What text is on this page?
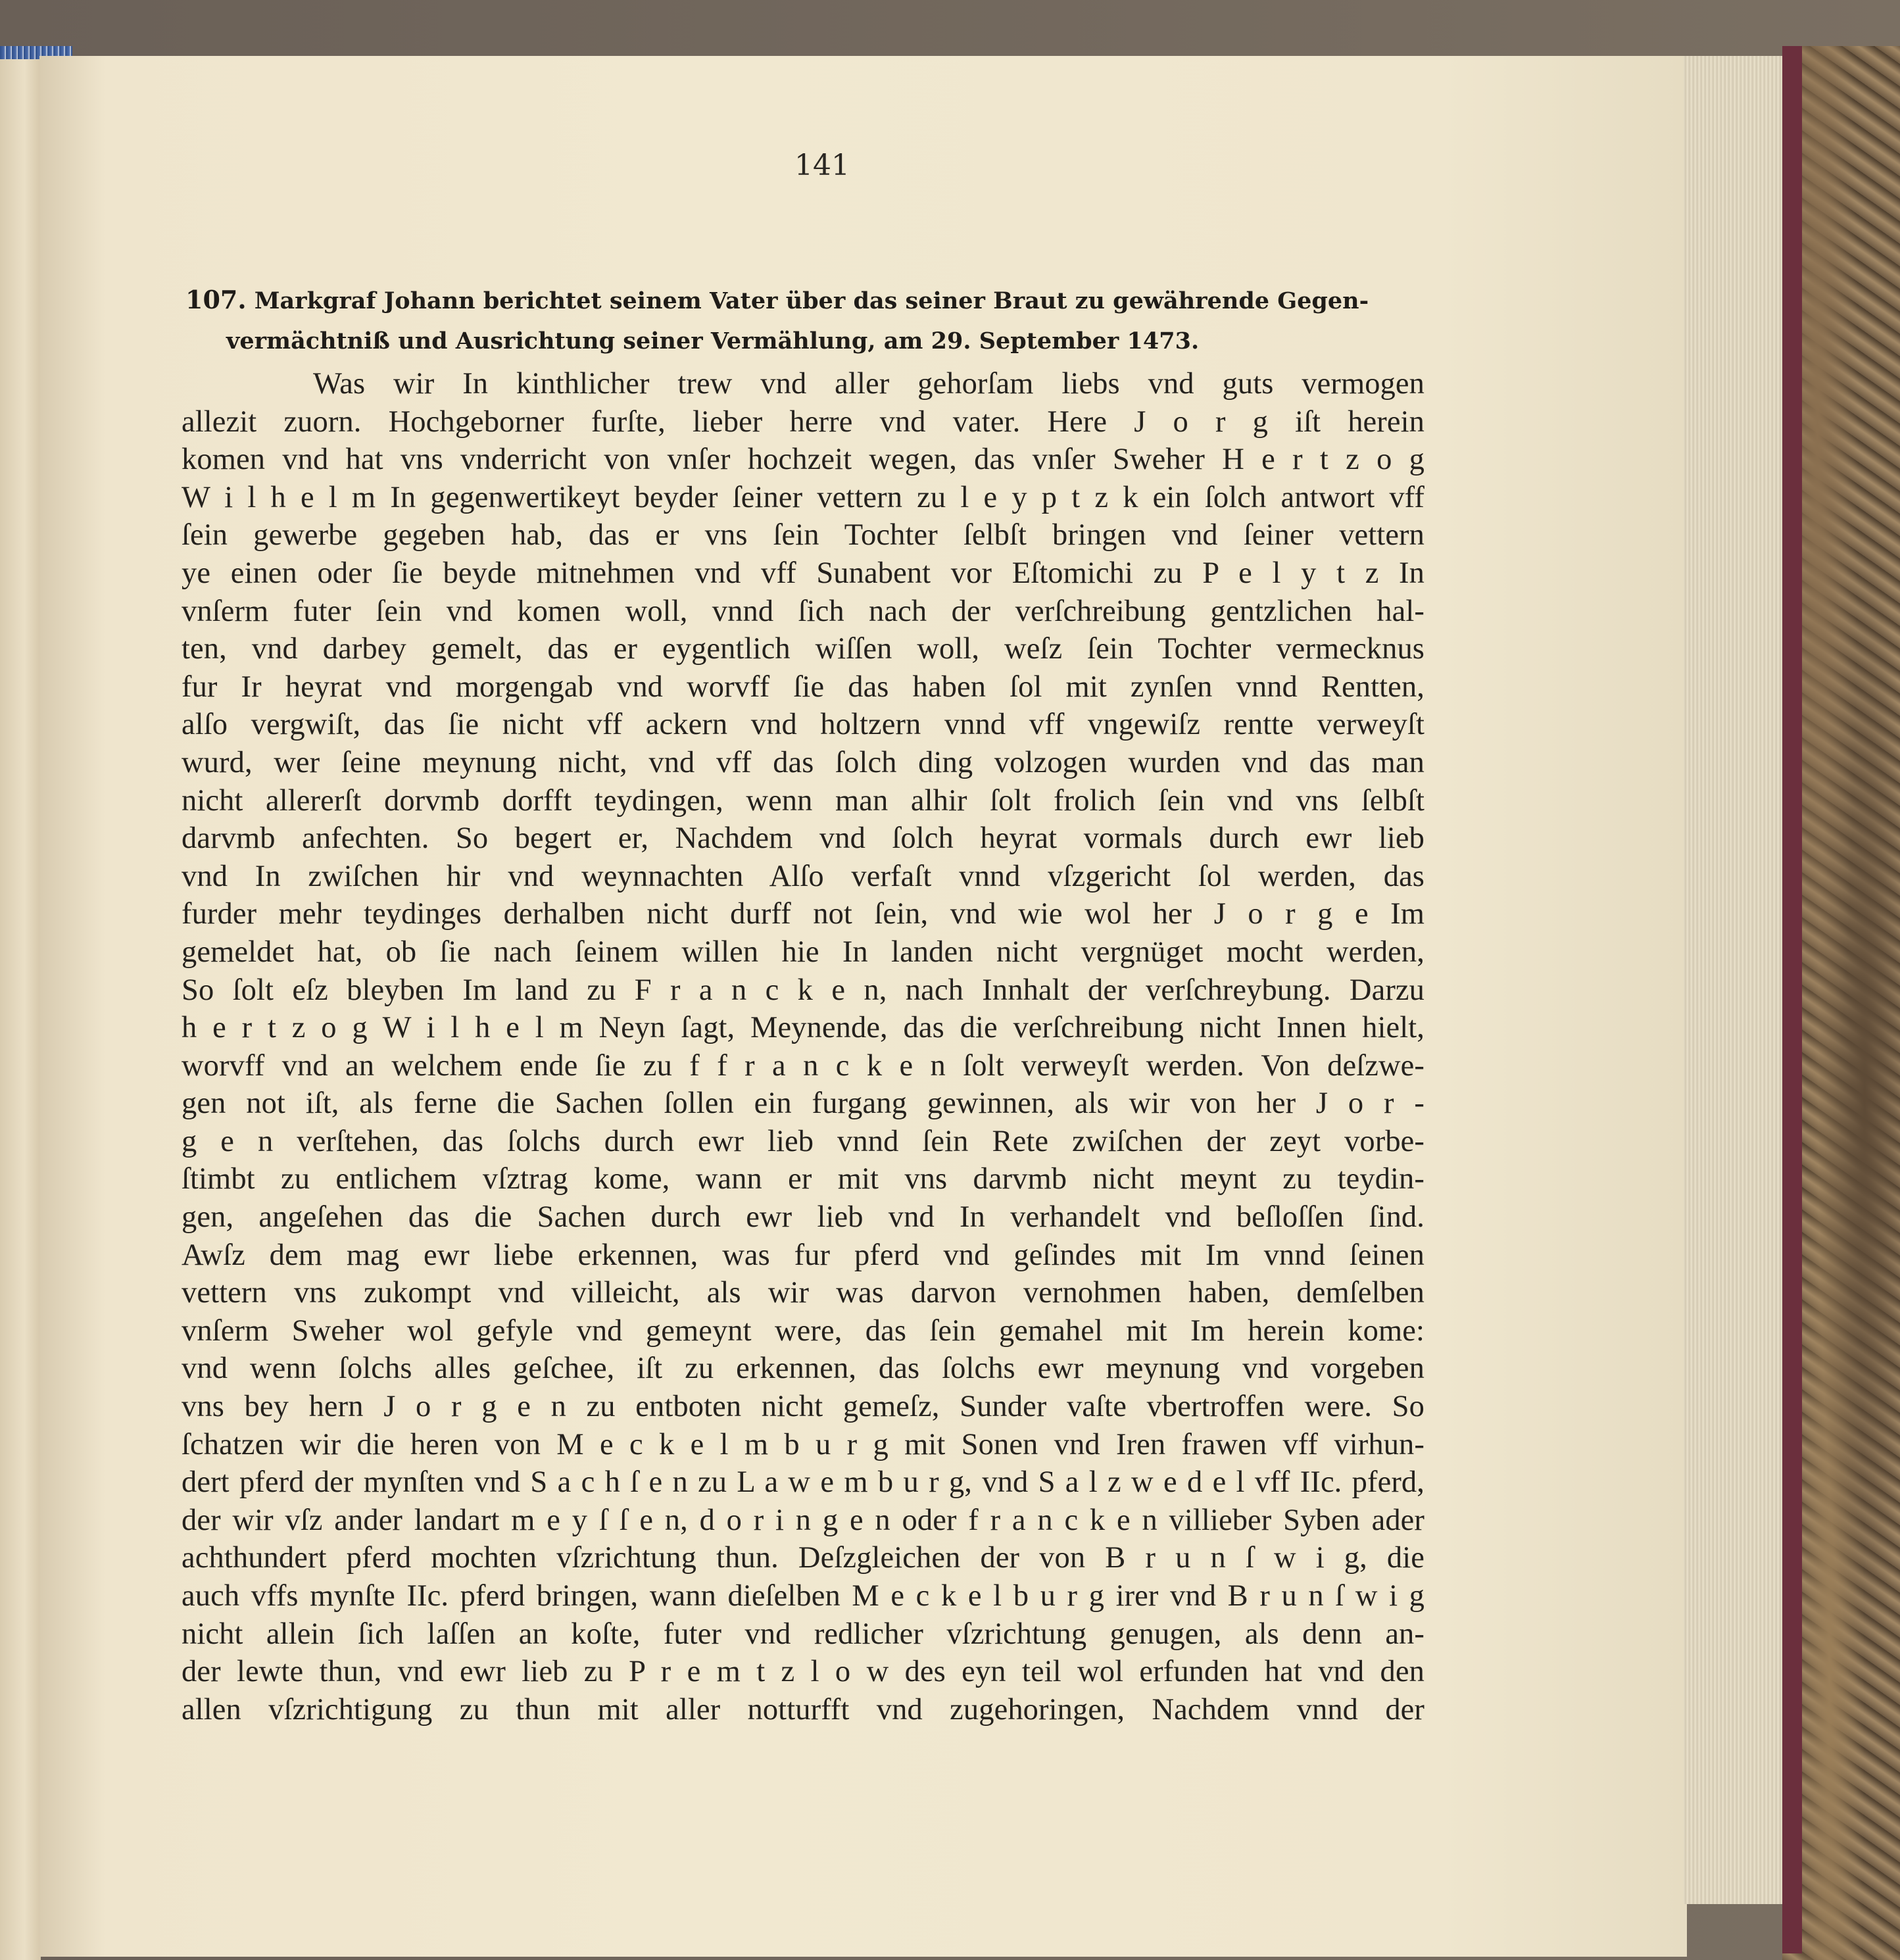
141
107. Markgraf Johann berichtet seinem Vater über das seiner Braut zu gewährende Gegen-
vermächtniß und Ausrichtung seiner Vermählung, am 29. September 1473.
Was wir In kinthlicher trew vnd aller gehorſam liebs vnd guts vermogen
allezit zuorn. Hochgeborner furſte, lieber herre vnd vater. Here J o r g iſt herein
komen vnd hat vns vnderricht von vnſer hochzeit wegen, das vnſer Sweher H e r t z o g
W i l h e l m In gegenwertikeyt beyder ſeiner vettern zu l e y p t z k ein ſolch antwort vff
ſein gewerbe gegeben hab, das er vns ſein Tochter ſelbſt bringen vnd ſeiner vettern
ye einen oder ſie beyde mitnehmen vnd vff Sunabent vor Eſtomichi zu P e l y t z In
vnſerm futer ſein vnd komen woll, vnnd ſich nach der verſchreibung gentzlichen hal-
ten, vnd darbey gemelt, das er eygentlich wiſſen woll, weſz ſein Tochter vermecknus
fur Ir heyrat vnd morgengab vnd worvff ſie das haben ſol mit zynſen vnnd Rentten,
alſo vergwiſt, das ſie nicht vff ackern vnd holtzern vnnd vff vngewiſz rentte verweyſt
wurd, wer ſeine meynung nicht, vnd vff das ſolch ding volzogen wurden vnd das man
nicht allererſt dorvmb dorfft teydingen, wenn man alhir ſolt frolich ſein vnd vns ſelbſt
darvmb anfechten. So begert er, Nachdem vnd ſolch heyrat vormals durch ewr lieb
vnd In zwiſchen hir vnd weynnachten Alſo verfaſt vnnd vſzgericht ſol werden, das
furder mehr teydinges derhalben nicht durff not ſein, vnd wie wol her J o r g e Im
gemeldet hat, ob ſie nach ſeinem willen hie In landen nicht vergnüget mocht werden,
So ſolt eſz bleyben Im land zu F r a n c k e n, nach Innhalt der verſchreybung. Darzu
h e r t z o g W i l h e l m Neyn ſagt, Meynende, das die verſchreibung nicht Innen hielt,
worvff vnd an welchem ende ſie zu f f r a n c k e n ſolt verweyſt werden. Von deſzwe-
gen not iſt, als ferne die Sachen ſollen ein furgang gewinnen, als wir von her J o r -
g e n verſtehen, das ſolchs durch ewr lieb vnnd ſein Rete zwiſchen der zeyt vorbe-
ſtimbt zu entlichem vſztrag kome, wann er mit vns darvmb nicht meynt zu teydin-
gen, angeſehen das die Sachen durch ewr lieb vnd In verhandelt vnd beſloſſen ſind.
Awſz dem mag ewr liebe erkennen, was fur pferd vnd geſindes mit Im vnnd ſeinen
vettern vns zukompt vnd villeicht, als wir was darvon vernohmen haben, demſelben
vnſerm Sweher wol gefyle vnd gemeynt were, das ſein gemahel mit Im herein kome:
vnd wenn ſolchs alles geſchee, iſt zu erkennen, das ſolchs ewr meynung vnd vorgeben
vns bey hern J o r g e n zu entboten nicht gemeſz, Sunder vaſte vbertroffen were. So
ſchatzen wir die heren von M e c k e l m b u r g mit Sonen vnd Iren frawen vff virhun-
dert pferd der mynſten vnd S a c h ſ e n zu L a w e m b u r g, vnd S a l z w e d e l vff IIc. pferd,
der wir vſz ander landart m e y ſ ſ e n, d o r i n g e n oder f r a n c k e n villieber Syben ader
achthundert pferd mochten vſzrichtung thun. Deſzgleichen der von B r u n ſ w i g, die
auch vffs mynſte IIc. pferd bringen, wann dieſelben M e c k e l b u r g irer vnd B r u n ſ w i g
nicht allein ſich laſſen an koſte, futer vnd redlicher vſzrichtung genugen, als denn an-
der lewte thun, vnd ewr lieb zu P r e m t z l o w des eyn teil wol erfunden hat vnd den
allen vſzrichtigung zu thun mit aller notturfft vnd zugehoringen, Nachdem vnnd der
